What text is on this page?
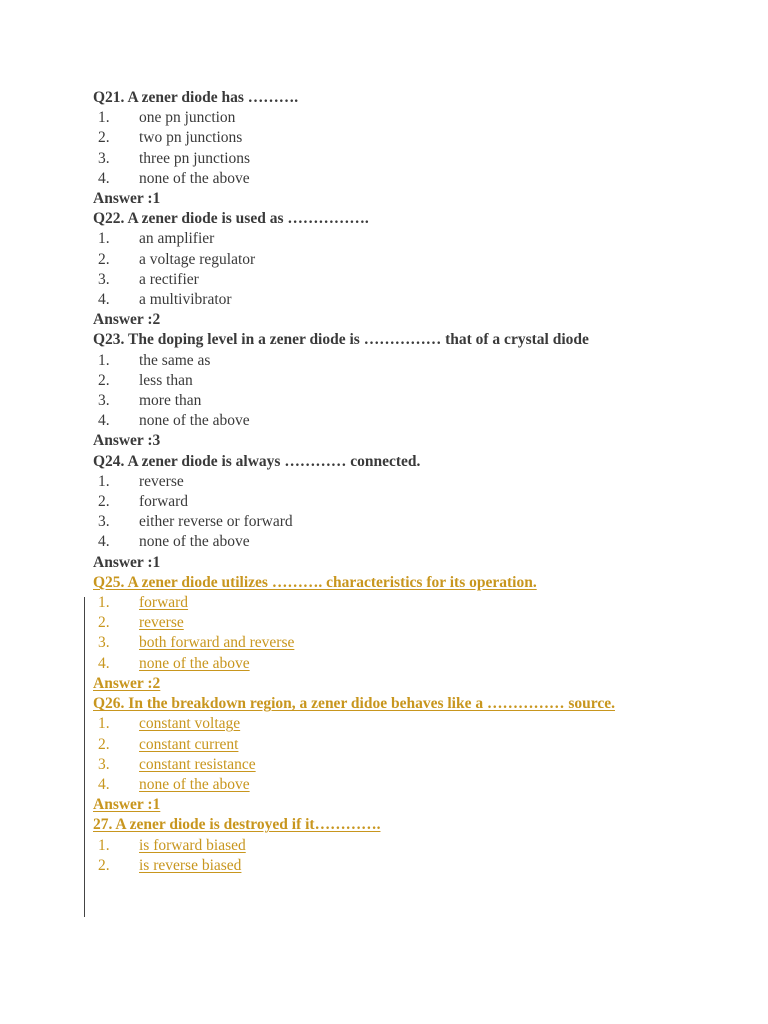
Q21. A zener diode has ……….

1.	one pn junction
2.	two pn junctions
3.	three pn junctions
4.	none of the above

Answer :1

Q22. A zener diode is used as …………….

1.	an amplifier
2.	a voltage regulator
3.	a rectifier
4.	a multivibrator

Answer :2

Q23. The doping level in a zener diode is …………… that of a crystal diode

1.	the same as
2.	less than
3.	more than
4.	none of the above

Answer :3

Q24. A zener diode is always ………… connected.

1.	reverse
2.	forward
3.	either reverse or forward
4.	none of the above

Answer :1

Q25. A zener diode utilizes ………. characteristics for its operation.

1.	forward
2.	reverse
3.	both forward and reverse
4.	none of the above

Answer :2

Q26. In the breakdown region, a zener didoe behaves like a …………… source.

1.	constant voltage
2.	constant current
3.	constant resistance
4.	none of the above

Answer :1

27. A zener diode is destroyed if it………….

1.	is forward biased
2.	is reverse biased
